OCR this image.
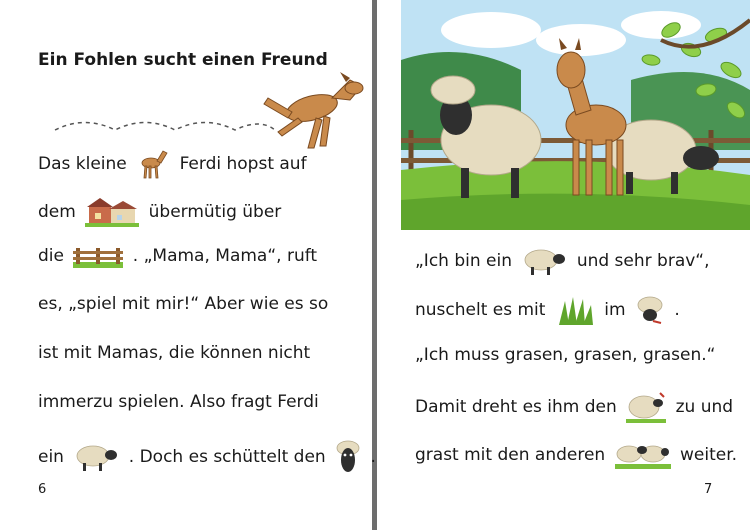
Ein Fohlen sucht einen Freund
Das kleine	Ferdi hopst auf
dem	übermütig über
die	. „Mama, Mama“, ruft
es, „spiel mit mir!“ Aber wie es so
ist mit Mamas, die können nicht
immerzu spielen. Also fragt Ferdi
ein	. Doch es schüttelt den	.
6
„Ich bin ein	und sehr brav“,
nuschelt es mit	im	.
„Ich muss grasen, grasen, grasen.“
Damit dreht es ihm den	zu und
grast mit den anderen	weiter.
7
